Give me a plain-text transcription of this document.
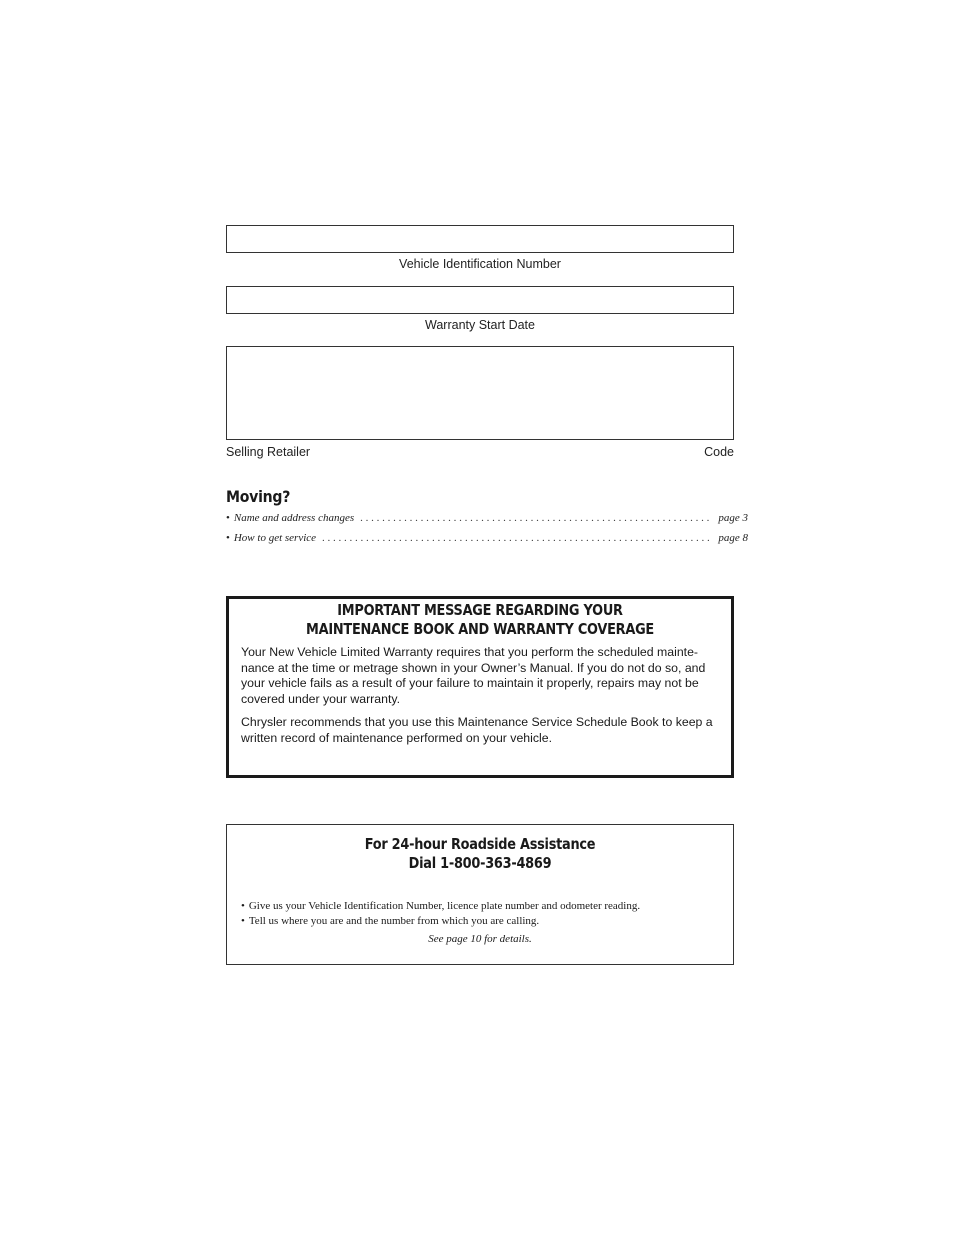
Vehicle Identification Number
Warranty Start Date
Selling Retailer	Code
Moving?
• Name and address changes . . .	page 3
• How to get service . . .	page 8
IMPORTANT MESSAGE REGARDING YOUR
MAINTENANCE BOOK AND WARRANTY COVERAGE

Your New Vehicle Limited Warranty requires that you perform the scheduled mainte- nance at the time or metrage shown in your Owner’s Manual. If you do not do so, and your vehicle fails as a result of your failure to maintain it properly, repairs may not be covered under your warranty.

Chrysler recommends that you use this Maintenance Service Schedule Book to keep a written record of maintenance performed on your vehicle.

For 24-hour Roadside Assistance
Dial 1-800-363-4869
• Give us your Vehicle Identification Number, licence plate number and odometer reading.
• Tell us where you are and the number from which you are calling.
See page 10 for details.
